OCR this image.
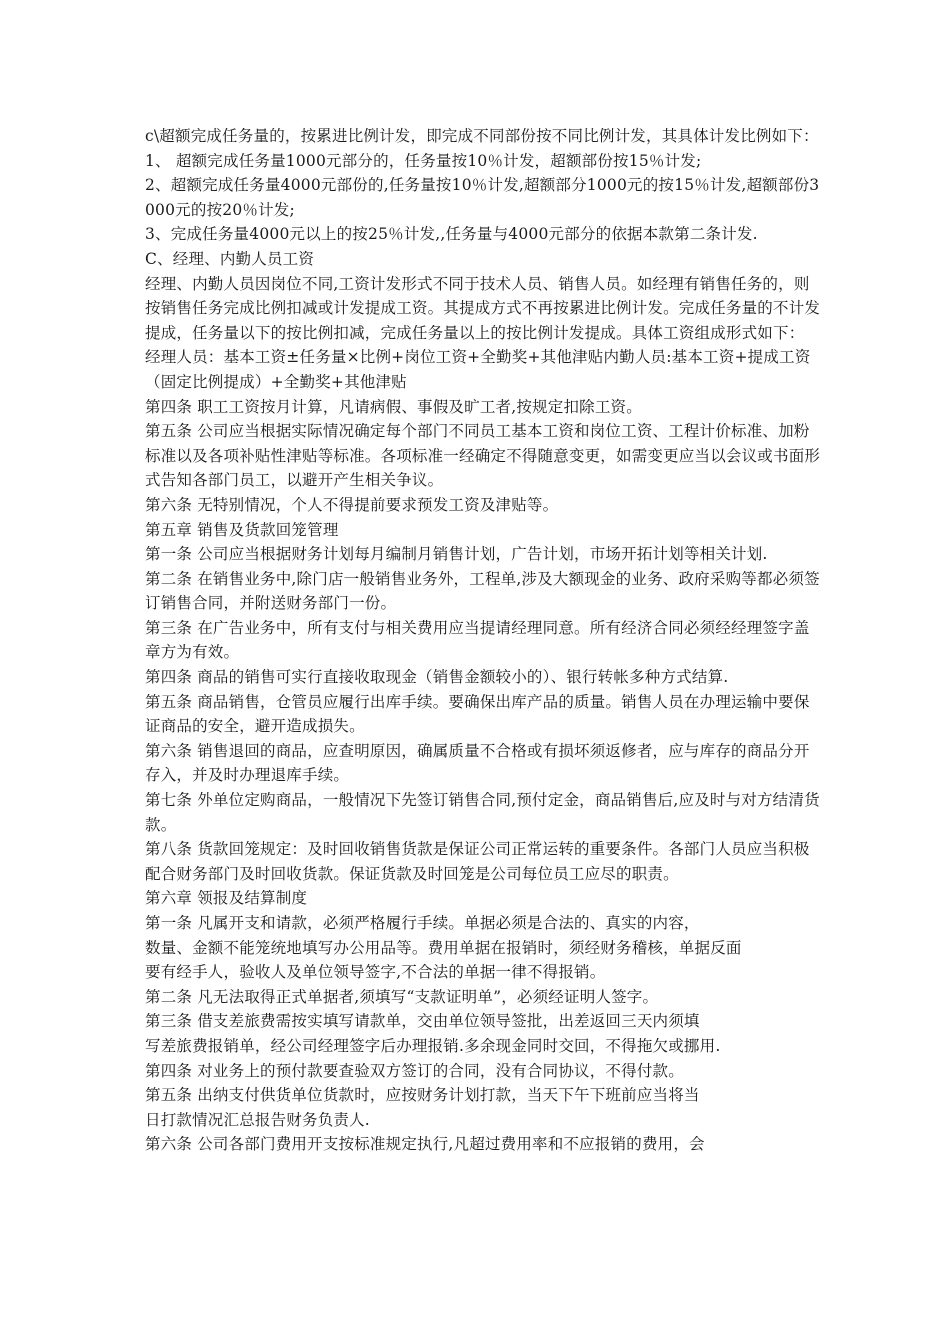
c\超额完成任务量的，按累进比例计发，即完成不同部份按不同比例计发，其具体计发比例如下：

1、 超额完成任务量1000元部分的，任务量按10％计发，超额部份按15％计发;

2、超额完成任务量4000元部份的,任务量按10％计发,超额部分1000元的按15％计发,超额部份3000元的按20％计发;

3、完成任务量4000元以上的按25％计发,,任务量与4000元部分的依据本款第二条计发.

C、经理、内勤人员工资

经理、内勤人员因岗位不同,工资计发形式不同于技术人员、销售人员。如经理有销售任务的，则按销售任务完成比例扣减或计发提成工资。其提成方式不再按累进比例计发。完成任务量的不计发提成，任务量以下的按比例扣减，完成任务量以上的按比例计发提成。具体工资组成形式如下：

经理人员：基本工资±任务量×比例+岗位工资+全勤奖+其他津贴内勤人员:基本工资+提成工资（固定比例提成）+全勤奖+其他津贴

第四条 职工工资按月计算，凡请病假、事假及旷工者,按规定扣除工资。

第五条 公司应当根据实际情况确定每个部门不同员工基本工资和岗位工资、工程计价标准、加粉标准以及各项补贴性津贴等标准。各项标准一经确定不得随意变更，如需变更应当以会议或书面形式告知各部门员工，以避开产生相关争议。

第六条 无特别情况，个人不得提前要求预发工资及津贴等。

第五章 销售及货款回笼管理

第一条 公司应当根据财务计划每月编制月销售计划，广告计划，市场开拓计划等相关计划.

第二条 在销售业务中,除门店一般销售业务外，工程单,涉及大额现金的业务、政府采购等都必须签订销售合同，并附送财务部门一份。

第三条 在广告业务中，所有支付与相关费用应当提请经理同意。所有经济合同必须经经理签字盖章方为有效。

第四条 商品的销售可实行直接收取现金（销售金额较小的）、银行转帐多种方式结算.

第五条 商品销售，仓管员应履行出库手续。要确保出库产品的质量。销售人员在办理运输中要保证商品的安全，避开造成损失。

第六条 销售退回的商品，应查明原因，确属质量不合格或有损坏须返修者，应与库存的商品分开存入，并及时办理退库手续。

第七条 外单位定购商品，一般情况下先签订销售合同,预付定金，商品销售后,应及时与对方结清货款。

第八条 货款回笼规定：及时回收销售货款是保证公司正常运转的重要条件。各部门人员应当积极配合财务部门及时回收货款。保证货款及时回笼是公司每位员工应尽的职责。

第六章 领报及结算制度

第一条 凡属开支和请款，必须严格履行手续。单据必须是合法的、真实的内容，

数量、金额不能笼统地填写办公用品等。费用单据在报销时，须经财务稽核，单据反面

要有经手人，验收人及单位领导签字,不合法的单据一律不得报销。

第二条 凡无法取得正式单据者,须填写“支款证明单”，必须经证明人签字。

第三条 借支差旅费需按实填写请款单，交由单位领导签批，出差返回三天内须填

写差旅费报销单，经公司经理签字后办理报销.多余现金同时交回，不得拖欠或挪用.

第四条 对业务上的预付款要查验双方签订的合同，没有合同协议，不得付款。

第五条 出纳支付供货单位货款时，应按财务计划打款，当天下午下班前应当将当

日打款情况汇总报告财务负责人.

第六条 公司各部门费用开支按标准规定执行,凡超过费用率和不应报销的费用，会
